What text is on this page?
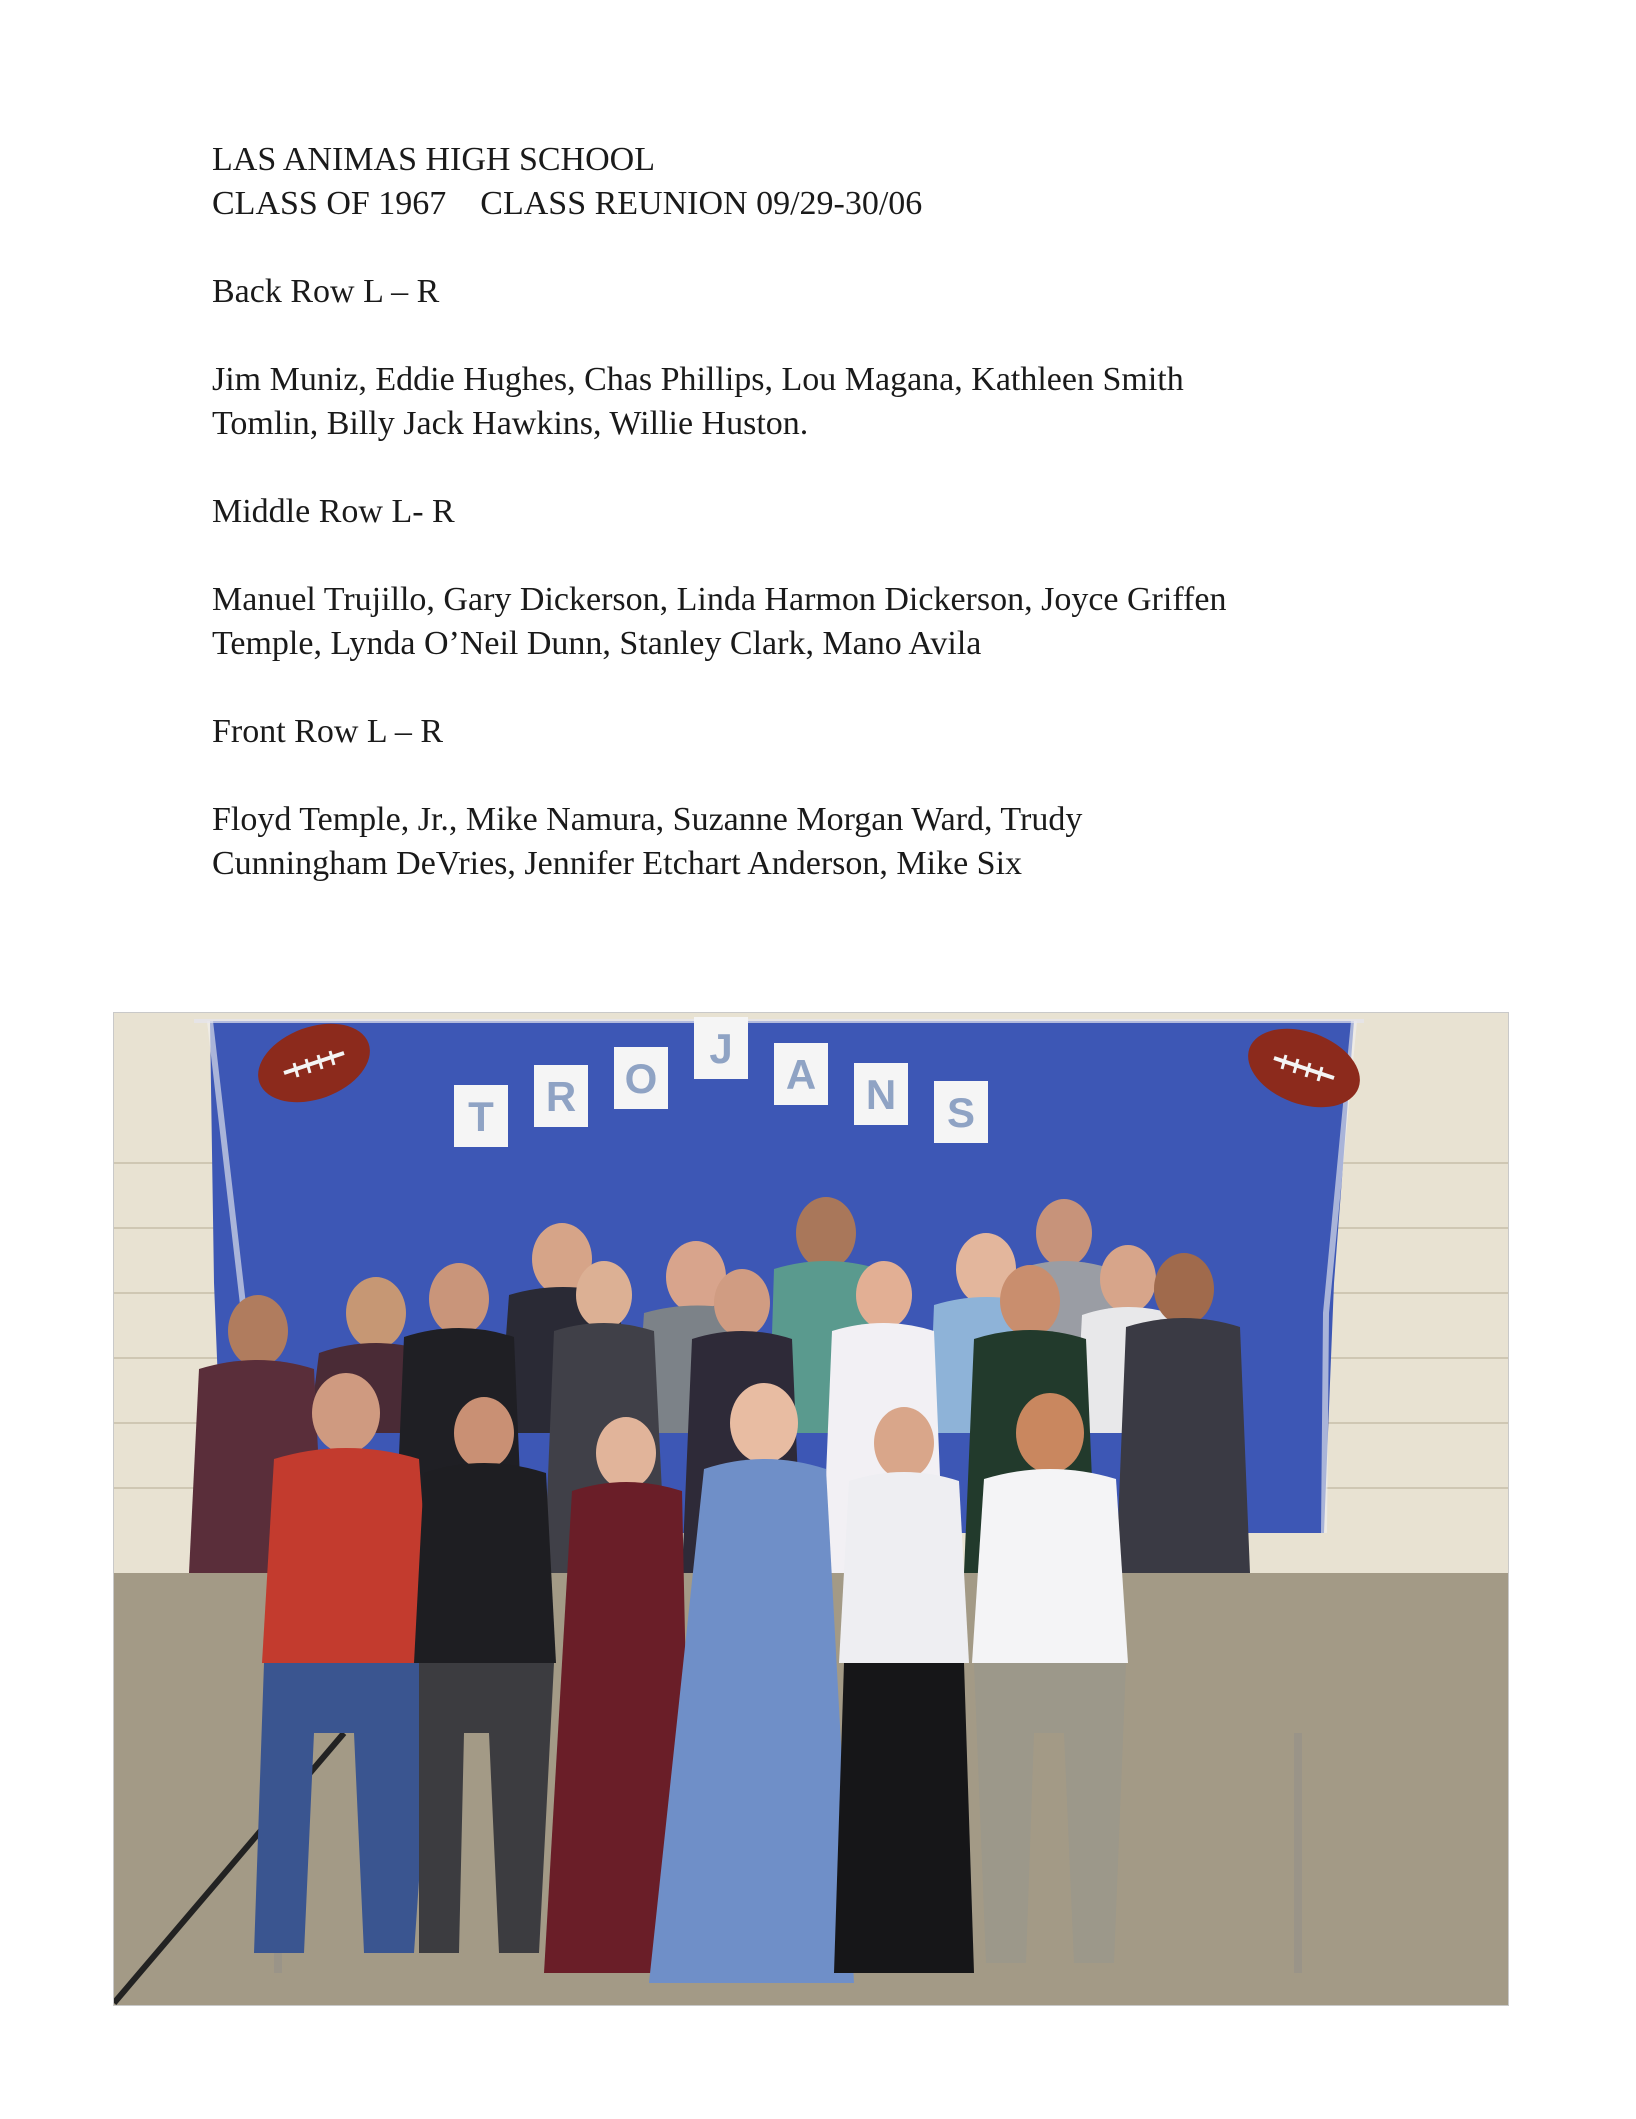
LAS ANIMAS HIGH SCHOOL

CLASS OF 1967    CLASS REUNION 09/29-30/06

Back Row L – R

Jim Muniz, Eddie Hughes, Chas Phillips, Lou Magana, Kathleen Smith

Tomlin, Billy Jack Hawkins, Willie Huston.

Middle Row L- R

Manuel Trujillo, Gary Dickerson, Linda Harmon Dickerson, Joyce Griffen

Temple, Lynda O’Neil Dunn, Stanley Clark, Mano Avila

Front Row L – R

Floyd Temple, Jr., Mike Namura, Suzanne Morgan Ward, Trudy

Cunningham DeVries, Jennifer Etchart Anderson, Mike Six

T R O
J
A N S
